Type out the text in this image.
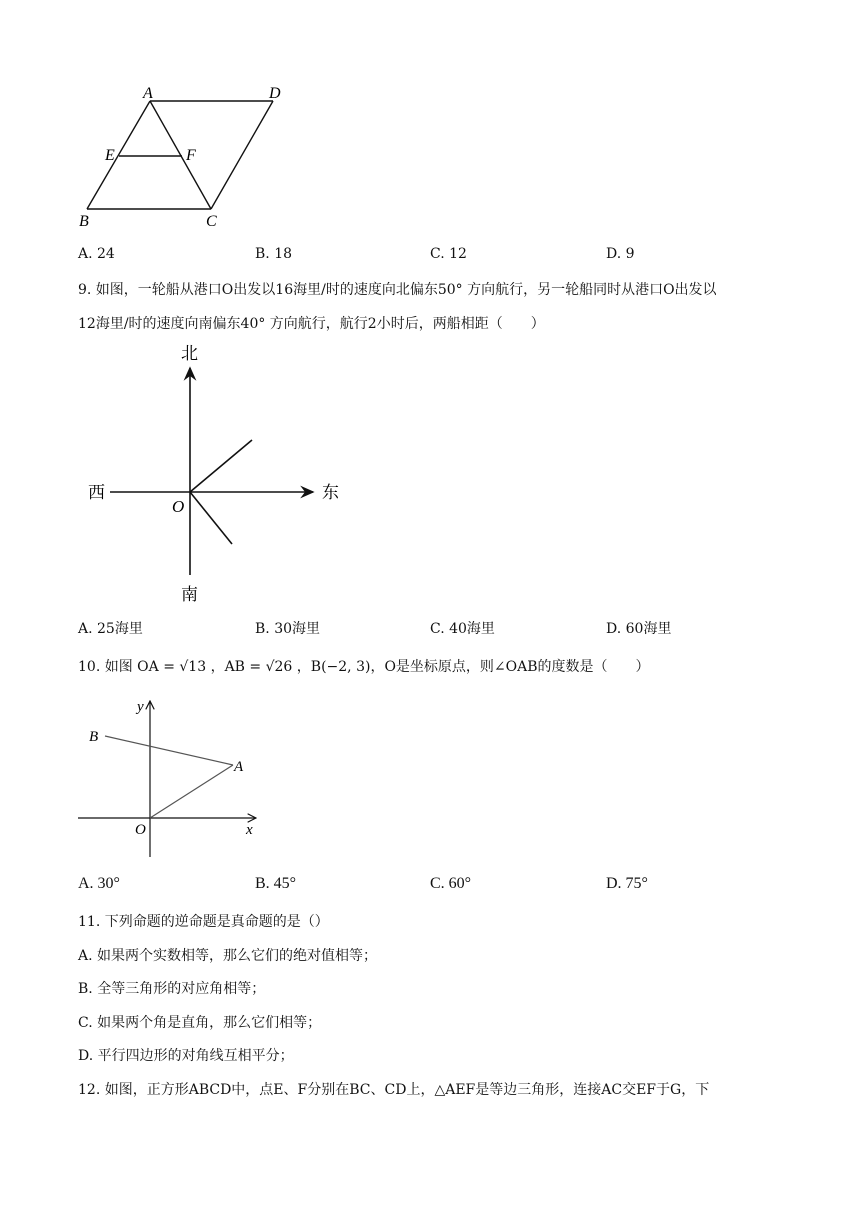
A	D
E	F
B	C
A. 24	B. 18	C. 12	D. 9
9. 如图，一轮船从港口O出发以16海里/时的速度向北偏东50° 方向航行，另一轮船同时从港口O出发以
12海里/时的速度向南偏东40° 方向航行，航行2小时后，两船相距（　　）
北
南
西	东
O
A. 25海里	B. 30海里	C. 40海里	D. 60海里
10. 如图 OA = √13 ，AB = √26 ，B(−2, 3)，O是坐标原点，则∠OAB的度数是（　　）
y
x
B
A
O
A. 30°	B. 45°	C. 60°	D. 75°
11. 下列命题的逆命题是真命题的是（）
A. 如果两个实数相等，那么它们的绝对值相等；
B. 全等三角形的对应角相等；
C. 如果两个角是直角，那么它们相等；
D. 平行四边形的对角线互相平分；
12. 如图，正方形ABCD中，点E、F分别在BC、CD上，△AEF是等边三角形，连接AC交EF于G，下
